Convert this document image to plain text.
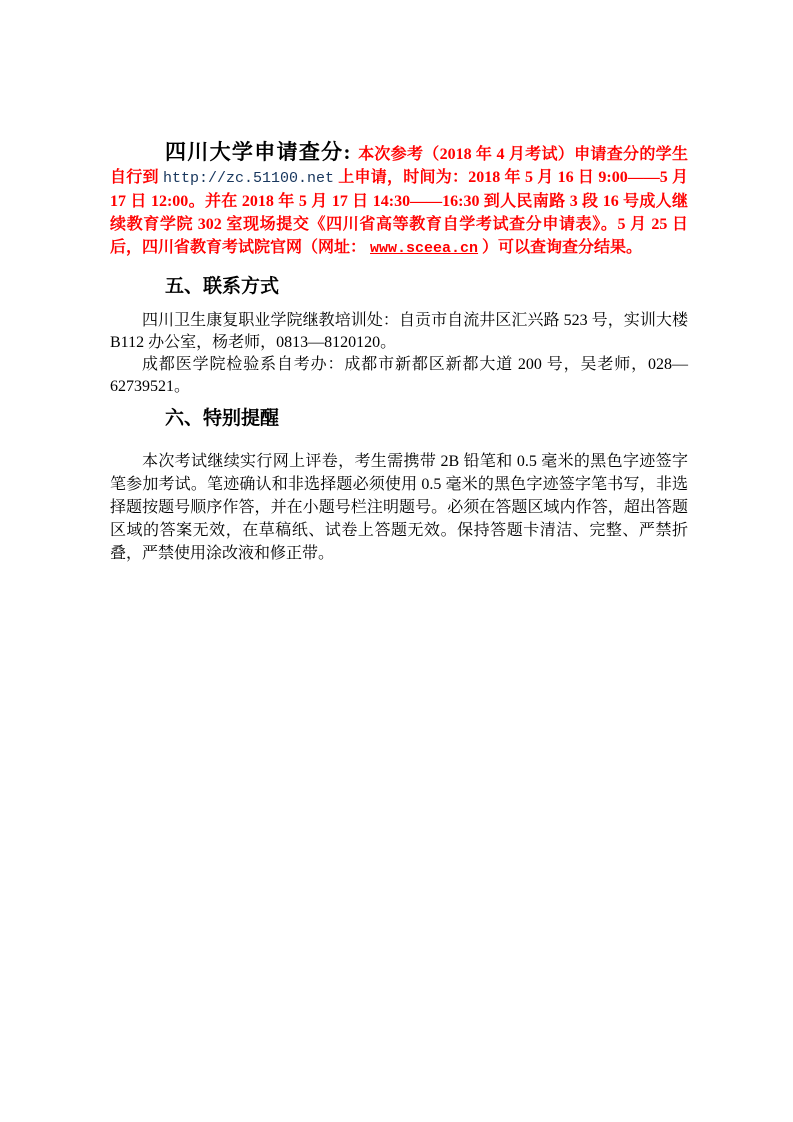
四川大学申请查分: 本次参考（2018 年 4 月考试）申请查分的学生自行到 http://zc.51100.net 上申请，时间为：2018 年 5 月 16 日 9:00——5 月 17 日 12:00。并在 2018 年 5 月 17 日 14:30——16:30 到人民南路 3 段 16 号成人继续教育学院 302 室现场提交《四川省高等教育自学考试查分申请表》。5 月 25 日后，四川省教育考试院官网（网址： www.sceea.cn ）可以查询查分结果。

五、联系方式

四川卫生康复职业学院继教培训处：自贡市自流井区汇兴路 523 号，实训大楼 B112 办公室，杨老师，0813—8120120。

成都医学院检验系自考办：成都市新都区新都大道 200 号，吴老师，028—62739521。

六、特别提醒

本次考试继续实行网上评卷，考生需携带 2B 铅笔和 0.5 毫米的黑色字迹签字笔参加考试。笔迹确认和非选择题必须使用 0.5 毫米的黑色字迹签字笔书写，非选择题按题号顺序作答，并在小题号栏注明题号。必须在答题区域内作答，超出答题区域的答案无效，在草稿纸、试卷上答题无效。保持答题卡清洁、完整、严禁折叠，严禁使用涂改液和修正带。
